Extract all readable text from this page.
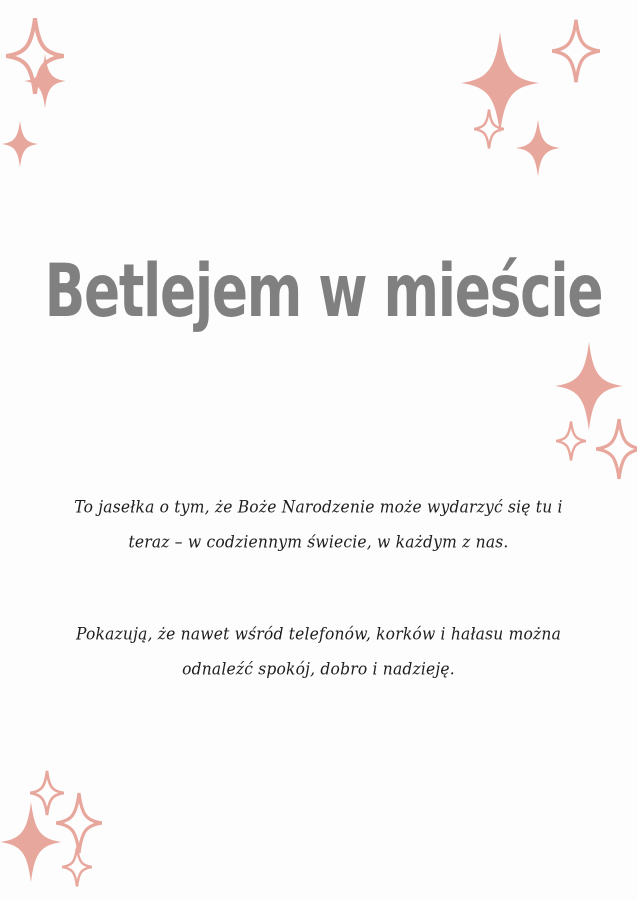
Betlejem w mieście

To jasełka o tym, że Boże Narodzenie może wydarzyć się tu i teraz – w codziennym świecie, w każdym z nas.

Pokazują, że nawet wśród telefonów, korków i hałasu można odnaleźć spokój, dobro i nadzieję.
